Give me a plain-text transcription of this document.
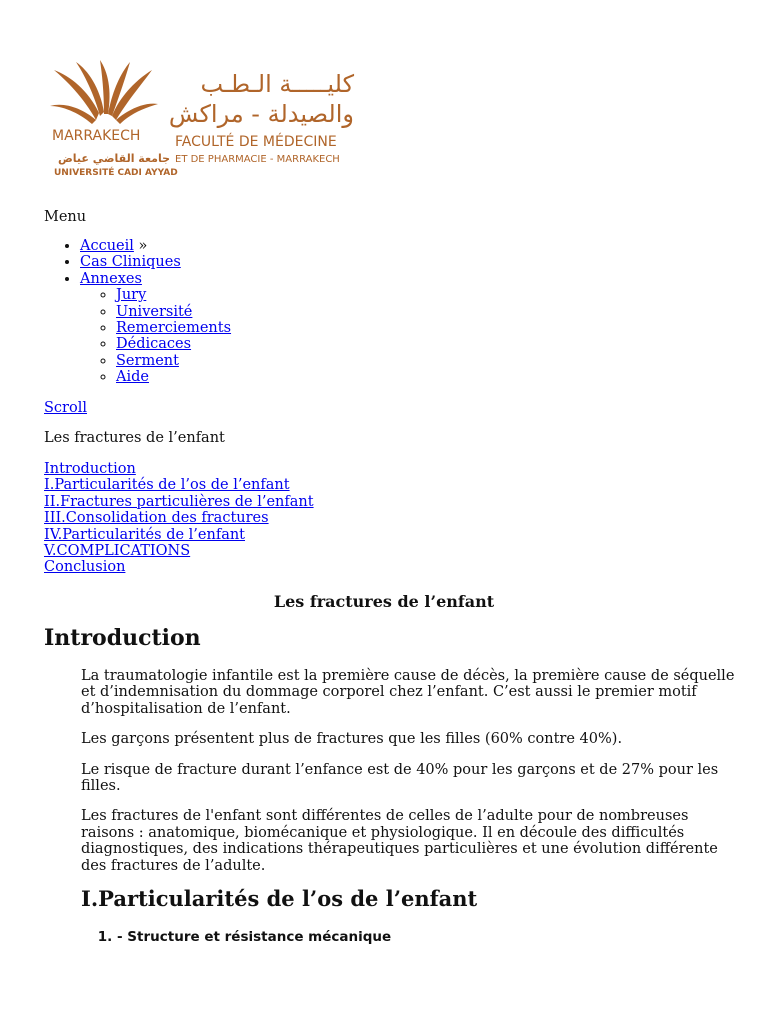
MARRAKECH
جامعة القاضي عياض
UNIVERSITÉ CADI AYYAD
كليـــــة الـطـب
والصيدلة - مراكش
FACULTÉ DE MÉDECINE
ET DE PHARMACIE - MARRAKECH
Menu
• Accueil »
• Cas Cliniques
• Annexes
◦ Jury
◦ Université
◦ Remerciements
◦ Dédicaces
◦ Serment
◦ Aide
Scroll
Les fractures de l’enfant
Introduction
I.Particularités de l’os de l’enfant
II.Fractures particulières de l’enfant
III.Consolidation des fractures
IV.Particularités de l’enfant
V.COMPLICATIONS
Conclusion
Les fractures de l’enfant
Introduction

La traumatologie infantile est la première cause de décès, la première cause de séquelle et d’indemnisation du dommage corporel chez l’enfant. C’est aussi le premier motif d’hospitalisation de l’enfant.

Les garçons présentent plus de fractures que les filles (60% contre 40%).

Le risque de fracture durant l’enfance est de 40% pour les garçons et de 27% pour les filles.

Les fractures de l'enfant sont différentes de celles de l’adulte pour de nombreuses raisons : anatomique, biomécanique et physiologique. Il en découle des difficultés diagnostiques, des indications thérapeutiques particulières et une évolution différente des fractures de l’adulte.

I.Particularités de l’os de l’enfant
1. - Structure et résistance mécanique
